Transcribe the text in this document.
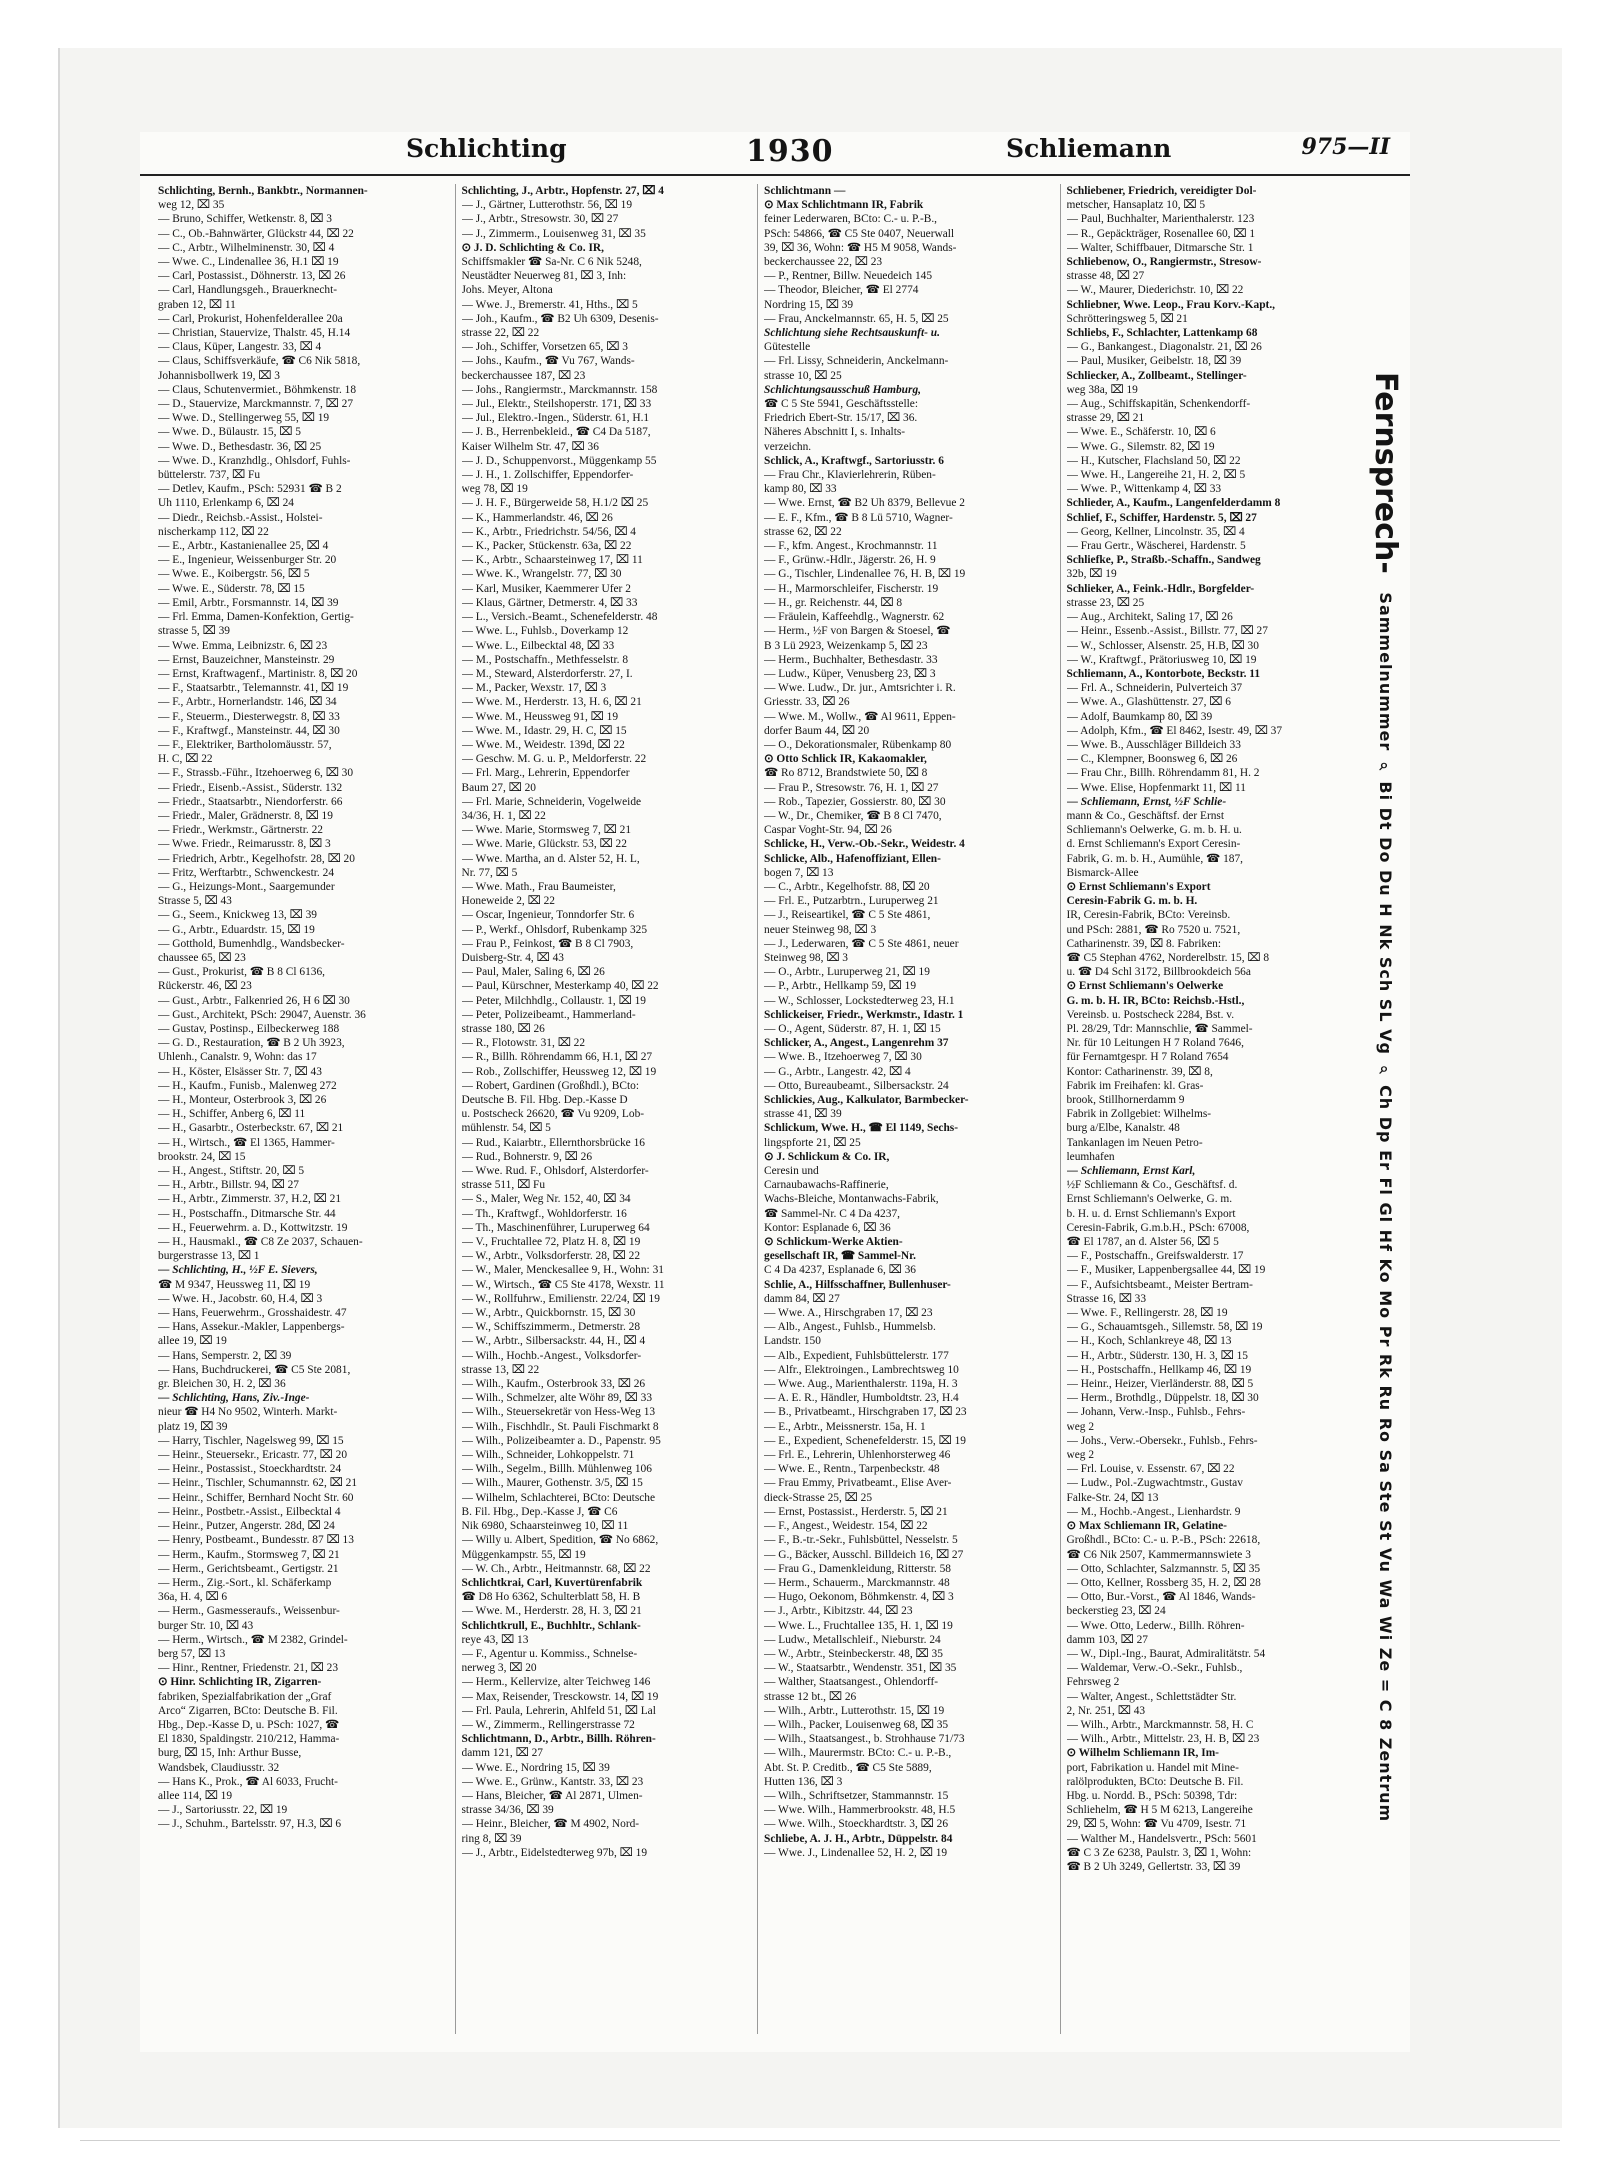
Schlichting	1930	Schliemann	975—II
Schlichting, Bernh., Bankbtr., Normannen-
weg 12, ⌧ 35
— Bruno, Schiffer, Wetkenstr. 8, ⌧ 3
— C., Ob.-Bahnwärter, Glückstr 44, ⌧ 22
— C., Arbtr., Wilhelminenstr. 30, ⌧ 4
— Wwe. C., Lindenallee 36, H.1 ⌧ 19
— Carl, Postassist., Döhnerstr. 13, ⌧ 26
— Carl, Handlungsgeh., Brauerknecht-
graben 12, ⌧ 11
— Carl, Prokurist, Hohenfelderallee 20a
— Christian, Stauervize, Thalstr. 45, H.14
— Claus, Küper, Langestr. 33, ⌧ 4
— Claus, Schiffsverkäufe, ☎ C6 Nik 5818,
Johannisbollwerk 19, ⌧ 3
— Claus, Schutenvermiet., Böhmkenstr. 18
— D., Stauervize, Marckmannstr. 7, ⌧ 27
— Wwe. D., Stellingerweg 55, ⌧ 19
— Wwe. D., Bülaustr. 15, ⌧ 5
— Wwe. D., Bethesdastr. 36, ⌧ 25
— Wwe. D., Kranzhdlg., Ohlsdorf, Fuhls-
büttelerstr. 737, ⌧ Fu
— Detlev, Kaufm., PSch: 52931 ☎ B 2
Uh 1110, Erlenkamp 6, ⌧ 24
— Diedr., Reichsb.-Assist., Holstei-
nischerkamp 112, ⌧ 22
— E., Arbtr., Kastanienallee 25, ⌧ 4
— E., Ingenieur, Weissenburger Str. 20
— Wwe. E., Koibergstr. 56, ⌧ 5
— Wwe. E., Süderstr. 78, ⌧ 15
— Emil, Arbtr., Forsmannstr. 14, ⌧ 39
— Frl. Emma, Damen-Konfektion, Gertig-
strasse 5, ⌧ 39
— Wwe. Emma, Leibnizstr. 6, ⌧ 23
— Ernst, Bauzeichner, Mansteinstr. 29
— Ernst, Kraftwagenf., Martinistr. 8, ⌧ 20
— F., Staatsarbtr., Telemannstr. 41, ⌧ 19
— F., Arbtr., Hornerlandstr. 146, ⌧ 34
— F., Steuerm., Diesterwegstr. 8, ⌧ 33
— F., Kraftwgf., Mansteinstr. 44, ⌧ 30
— F., Elektriker, Bartholomäusstr. 57,
H. C, ⌧ 22
— F., Strassb.-Führ., Itzehoerweg 6, ⌧ 30
— Friedr., Eisenb.-Assist., Süderstr. 132
— Friedr., Staatsarbtr., Niendorferstr. 66
— Friedr., Maler, Grädnerstr. 8, ⌧ 19
— Friedr., Werkmstr., Gärtnerstr. 22
— Wwe. Friedr., Reimarusstr. 8, ⌧ 3
— Friedrich, Arbtr., Kegelhofstr. 28, ⌧ 20
— Fritz, Werftarbtr., Schwenckestr. 24
— G., Heizungs-Mont., Saargemunder
Strasse 5, ⌧ 43
— G., Seem., Knickweg 13, ⌧ 39
— G., Arbtr., Eduardstr. 15, ⌧ 19
— Gotthold, Bumenhdlg., Wandsbecker-
chaussee 65, ⌧ 23
— Gust., Prokurist, ☎ B 8 Cl 6136,
Rückerstr. 46, ⌧ 23
— Gust., Arbtr., Falkenried 26, H 6 ⌧ 30
— Gust., Architekt, PSch: 29047, Auenstr. 36
— Gustav, Postinsp., Eilbeckerweg 188
— G. D., Restauration, ☎ B 2 Uh 3923,
Uhlenh., Canalstr. 9, Wohn: das 17
— H., Köster, Elsässer Str. 7, ⌧ 43
— H., Kaufm., Funisb., Malenweg 272
— H., Monteur, Osterbrook 3, ⌧ 26
— H., Schiffer, Anberg 6, ⌧ 11
— H., Gasarbtr., Osterbeckstr. 67, ⌧ 21
— H., Wirtsch., ☎ El 1365, Hammer-
brookstr. 24, ⌧ 15
— H., Angest., Stiftstr. 20, ⌧ 5
— H., Arbtr., Billstr. 94, ⌧ 27
— H., Arbtr., Zimmerstr. 37, H.2, ⌧ 21
— H., Postschaffn., Ditmarsche Str. 44
— H., Feuerwehrm. a. D., Kottwitzstr. 19
— H., Hausmakl., ☎ C8 Ze 2037, Schauen-
burgerstrasse 13, ⌧ 1
— Schlichting, H., ½F E. Sievers,
☎ M 9347, Heussweg 11, ⌧ 19
— Wwe. H., Jacobstr. 60, H.4, ⌧ 3
— Hans, Feuerwehrm., Grosshaidestr. 47
— Hans, Assekur.-Makler, Lappenbergs-
allee 19, ⌧ 19
— Hans, Semperstr. 2, ⌧ 39
— Hans, Buchdruckerei, ☎ C5 Ste 2081,
gr. Bleichen 30, H. 2, ⌧ 36
— Schlichting, Hans, Ziv.-Inge-
nieur ☎ H4 No 9502, Winterh. Markt-
platz 19, ⌧ 39
— Harry, Tischler, Nagelsweg 99, ⌧ 15
— Heinr., Steuersekr., Ericastr. 77, ⌧ 20
— Heinr., Postassist., Stoeckhardtstr. 24
— Heinr., Tischler, Schumannstr. 62, ⌧ 21
— Heinr., Schiffer, Bernhard Nocht Str. 60
— Heinr., Postbetr.-Assist., Eilbecktal 4
— Heinr., Putzer, Angerstr. 28d, ⌧ 24
— Henry, Postbeamt., Bundesstr. 87 ⌧ 13
— Herm., Kaufm., Stormsweg 7, ⌧ 21
— Herm., Gerichtsbeamt., Gertigstr. 21
— Herm., Zig.-Sort., kl. Schäferkamp
36a, H. 4, ⌧ 6
— Herm., Gasmesseraufs., Weissenbur-
burger Str. 10, ⌧ 43
— Herm., Wirtsch., ☎ M 2382, Grindel-
berg 57, ⌧ 13
— Hinr., Rentner, Friedenstr. 21, ⌧ 23
⊙ Hinr. Schlichting IR, Zigarren-
fabriken, Spezialfabrikation der „Graf
Arco“ Zigarren, BCto: Deutsche B. Fil.
Hbg., Dep.-Kasse D, u. PSch: 1027, ☎
El 1830, Spaldingstr. 210/212, Hamma-
burg, ⌧ 15, Inh: Arthur Busse,
Wandsbek, Claudiusstr. 32
— Hans K., Prok., ☎ Al 6033, Frucht-
allee 114, ⌧ 19
— J., Sartoriusstr. 22, ⌧ 19
— J., Schuhm., Bartelsstr. 97, H.3, ⌧ 6
Schlichting, J., Arbtr., Hopfenstr. 27, ⌧ 4
— J., Gärtner, Lutterothstr. 56, ⌧ 19
— J., Arbtr., Stresowstr. 30, ⌧ 27
— J., Zimmerm., Louisenweg 31, ⌧ 35
⊙ J. D. Schlichting & Co. IR,
Schiffsmakler ☎ Sa-Nr. C 6 Nik 5248,
Neustädter Neuerweg 81, ⌧ 3, Inh:
Johs. Meyer, Altona
— Wwe. J., Bremerstr. 41, Hths., ⌧ 5
— Joh., Kaufm., ☎ B2 Uh 6309, Desenis-
strasse 22, ⌧ 22
— Joh., Schiffer, Vorsetzen 65, ⌧ 3
— Johs., Kaufm., ☎ Vu 767, Wands-
beckerchaussee 187, ⌧ 23
— Johs., Rangiermstr., Marckmannstr. 158
— Jul., Elektr., Steilshoperstr. 171, ⌧ 33
— Jul., Elektro.-Ingen., Süderstr. 61, H.1
— J. B., Herrenbekleid., ☎ C4 Da 5187,
Kaiser Wilhelm Str. 47, ⌧ 36
— J. D., Schuppenvorst., Müggenkamp 55
— J. H., 1. Zollschiffer, Eppendorfer-
weg 78, ⌧ 19
— J. H. F., Bürgerweide 58, H.1/2 ⌧ 25
— K., Hammerlandstr. 46, ⌧ 26
— K., Arbtr., Friedrichstr. 54/56, ⌧ 4
— K., Packer, Stückenstr. 63a, ⌧ 22
— K., Arbtr., Schaarsteinweg 17, ⌧ 11
— Wwe. K., Wrangelstr. 77, ⌧ 30
— Karl, Musiker, Kaemmerer Ufer 2
— Klaus, Gärtner, Detmerstr. 4, ⌧ 33
— L., Versich.-Beamt., Schenefelderstr. 48
— Wwe. L., Fuhlsb., Doverkamp 12
— Wwe. L., Eilbecktal 48, ⌧ 33
— M., Postschaffn., Methfesselstr. 8
— M., Steward, Alsterdorferstr. 27, I.
— M., Packer, Wexstr. 17, ⌧ 3
— Wwe. M., Herderstr. 13, H. 6, ⌧ 21
— Wwe. M., Heussweg 91, ⌧ 19
— Wwe. M., Idastr. 29, H. C, ⌧ 15
— Wwe. M., Weidestr. 139d, ⌧ 22
— Geschw. M. G. u. P., Meldorferstr. 22
— Frl. Marg., Lehrerin, Eppendorfer
Baum 27, ⌧ 20
— Frl. Marie, Schneiderin, Vogelweide
34/36, H. 1, ⌧ 22
— Wwe. Marie, Stormsweg 7, ⌧ 21
— Wwe. Marie, Glückstr. 53, ⌧ 22
— Wwe. Martha, an d. Alster 52, H. L,
Nr. 77, ⌧ 5
— Wwe. Math., Frau Baumeister,
Honeweide 2, ⌧ 22
— Oscar, Ingenieur, Tonndorfer Str. 6
— P., Werkf., Ohlsdorf, Rubenkamp 325
— Frau P., Feinkost, ☎ B 8 Cl 7903,
Duisberg-Str. 4, ⌧ 43
— Paul, Maler, Saling 6, ⌧ 26
— Paul, Kürschner, Mesterkamp 40, ⌧ 22
— Peter, Milchhdlg., Collaustr. 1, ⌧ 19
— Peter, Polizeibeamt., Hammerland-
strasse 180, ⌧ 26
— R., Flotowstr. 31, ⌧ 22
— R., Billh. Röhrendamm 66, H.1, ⌧ 27
— Rob., Zollschiffer, Heussweg 12, ⌧ 19
— Robert, Gardinen (Großhdl.), BCto:
Deutsche B. Fil. Hbg. Dep.-Kasse D
u. Postscheck 26620, ☎ Vu 9209, Lob-
mühlenstr. 54, ⌧ 5
— Rud., Kaiarbtr., Ellernthorsbrücke 16
— Rud., Bohnerstr. 9, ⌧ 26
— Wwe. Rud. F., Ohlsdorf, Alsterdorfer-
strasse 511, ⌧ Fu
— S., Maler, Weg Nr. 152, 40, ⌧ 34
— Th., Kraftwgf., Wohldorferstr. 16
— Th., Maschinenführer, Luruperweg 64
— V., Fruchtallee 72, Platz H. 8, ⌧ 19
— W., Arbtr., Volksdorferstr. 28, ⌧ 22
— W., Maler, Menckesallee 9, H., Wohn: 31
— W., Wirtsch., ☎ C5 Ste 4178, Wexstr. 11
— W., Rollfuhrw., Emilienstr. 22/24, ⌧ 19
— W., Arbtr., Quickbornstr. 15, ⌧ 30
— W., Schiffszimmerm., Detmerstr. 28
— W., Arbtr., Silbersackstr. 44, H., ⌧ 4
— Wilh., Hochb.-Angest., Volksdorfer-
strasse 13, ⌧ 22
— Wilh., Kaufm., Osterbrook 33, ⌧ 26
— Wilh., Schmelzer, alte Wöhr 89, ⌧ 33
— Wilh., Steuersekretär von Hess-Weg 13
— Wilh., Fischhdlr., St. Pauli Fischmarkt 8
— Wilh., Polizeibeamter a. D., Papenstr. 95
— Wilh., Schneider, Lohkoppelstr. 71
— Wilh., Segelm., Billh. Mühlenweg 106
— Wilh., Maurer, Gothenstr. 3/5, ⌧ 15
— Wilhelm, Schlachterei, BCto: Deutsche
B. Fil. Hbg., Dep.-Kasse J, ☎ C6
Nik 6980, Schaarsteinweg 10, ⌧ 11
— Willy u. Albert, Spedition, ☎ No 6862,
Müggenkampstr. 55, ⌧ 19
— W. Ch., Arbtr., Heitmannstr. 68, ⌧ 22
Schlichtkrai, Carl, Kuvertürenfabrik
☎ D8 Ho 6362, Schulterblatt 58, H. B
— Wwe. M., Herderstr. 28, H. 3, ⌧ 21
Schlichtkrull, E., Buchhltr., Schlank-
reye 43, ⌧ 13
— F., Agentur u. Kommiss., Schnelse-
nerweg 3, ⌧ 20
— Herm., Kellervize, alter Teichweg 146
— Max, Reisender, Tresckowstr. 14, ⌧ 19
— Frl. Paula, Lehrerin, Ahlfeld 51, ⌧ Lal
— W., Zimmerm., Rellingerstrasse 72
Schlichtmann, D., Arbtr., Billh. Röhren-
damm 121, ⌧ 27
— Wwe. E., Nordring 15, ⌧ 39
— Wwe. E., Grünw., Kantstr. 33, ⌧ 23
— Hans, Bleicher, ☎ Al 2871, Ulmen-
strasse 34/36, ⌧ 39
— Heinr., Bleicher, ☎ M 4902, Nord-
ring 8, ⌧ 39
— J., Arbtr., Eidelstedterweg 97b, ⌧ 19
Schlichtmann —
⊙ Max Schlichtmann IR, Fabrik
feiner Lederwaren, BCto: C.- u. P.-B.,
PSch: 54866, ☎ C5 Ste 0407, Neuerwall
39, ⌧ 36, Wohn: ☎ H5 M 9058, Wands-
beckerchaussee 22, ⌧ 23
— P., Rentner, Billw. Neuedeich 145
— Theodor, Bleicher, ☎ El 2774
Nordring 15, ⌧ 39
— Frau, Anckelmannstr. 65, H. 5, ⌧ 25
Schlichtung siehe Rechtsauskunft- u.
Gütestelle
— Frl. Lissy, Schneiderin, Anckelmann-
strasse 10, ⌧ 25
Schlichtungsausschuß Hamburg,
☎ C 5 Ste 5941, Geschäftsstelle:
Friedrich Ebert-Str. 15/17, ⌧ 36.
Näheres Abschnitt I, s. Inhalts-
verzeichn.
Schlick, A., Kraftwgf., Sartoriusstr. 6
— Frau Chr., Klavierlehrerin, Rüben-
kamp 80, ⌧ 33
— Wwe. Ernst, ☎ B2 Uh 8379, Bellevue 2
— E. F., Kfm., ☎ B 8 Lü 5710, Wagner-
strasse 62, ⌧ 22
— F., kfm. Angest., Krochmannstr. 11
— F., Grünw.-Hdlr., Jägerstr. 26, H. 9
— G., Tischler, Lindenallee 76, H. B, ⌧ 19
— H., Marmorschleifer, Fischerstr. 19
— H., gr. Reichenstr. 44, ⌧ 8
— Fräulein, Kaffeehdlg., Wagnerstr. 62
— Herm., ½F von Bargen & Stoesel, ☎
B 3 Lü 2923, Weizenkamp 5, ⌧ 23
— Herm., Buchhalter, Bethesdastr. 33
— Ludw., Küper, Venusberg 23, ⌧ 3
— Wwe. Ludw., Dr. jur., Amtsrichter i. R.
Griesstr. 33, ⌧ 26
— Wwe. M., Wollw., ☎ Al 9611, Eppen-
dorfer Baum 44, ⌧ 20
— O., Dekorationsmaler, Rübenkamp 80
⊙ Otto Schlick IR, Kakaomakler,
☎ Ro 8712, Brandstwiete 50, ⌧ 8
— Frau P., Stresowstr. 76, H. 1, ⌧ 27
— Rob., Tapezier, Gossierstr. 80, ⌧ 30
— W., Dr., Chemiker, ☎ B 8 Cl 7470,
Caspar Voght-Str. 94, ⌧ 26
Schlicke, H., Verw.-Ob.-Sekr., Weidestr. 4
Schlicke, Alb., Hafenoffiziant, Ellen-
bogen 7, ⌧ 13
— C., Arbtr., Kegelhofstr. 88, ⌧ 20
— Frl. E., Putzarbtrn., Luruperweg 21
— J., Reiseartikel, ☎ C 5 Ste 4861,
neuer Steinweg 98, ⌧ 3
— J., Lederwaren, ☎ C 5 Ste 4861, neuer
Steinweg 98, ⌧ 3
— O., Arbtr., Luruperweg 21, ⌧ 19
— P., Arbtr., Hellkamp 59, ⌧ 19
— W., Schlosser, Lockstedterweg 23, H.1
Schlickeiser, Friedr., Werkmstr., Idastr. 1
— O., Agent, Süderstr. 87, H. 1, ⌧ 15
Schlicker, A., Angest., Langenrehm 37
— Wwe. B., Itzehoerweg 7, ⌧ 30
— G., Arbtr., Langestr. 42, ⌧ 4
— Otto, Bureaubeamt., Silbersackstr. 24
Schlickies, Aug., Kalkulator, Barmbecker-
strasse 41, ⌧ 39
Schlickum, Wwe. H., ☎ El 1149, Sechs-
lingspforte 21, ⌧ 25
⊙ J. Schlickum & Co. IR,
Ceresin und
Carnaubawachs-Raffinerie,
Wachs-Bleiche, Montanwachs-Fabrik,
☎ Sammel-Nr. C 4 Da 4237,
Kontor: Esplanade 6, ⌧ 36
⊙ Schlickum-Werke Aktien-
gesellschaft IR, ☎ Sammel-Nr.
C 4 Da 4237, Esplanade 6, ⌧ 36
Schlie, A., Hilfsschaffner, Bullenhuser-
damm 84, ⌧ 27
— Wwe. A., Hirschgraben 17, ⌧ 23
— Alb., Angest., Fuhlsb., Hummelsb.
Landstr. 150
— Alb., Expedient, Fuhlsbüttelerstr. 177
— Alfr., Elektroingen., Lambrechtsweg 10
— Wwe. Aug., Marienthalerstr. 119a, H. 3
— A. E. R., Händler, Humboldtstr. 23, H.4
— B., Privatbeamt., Hirschgraben 17, ⌧ 23
— E., Arbtr., Meissnerstr. 15a, H. 1
— E., Expedient, Schenefelderstr. 15, ⌧ 19
— Frl. E., Lehrerin, Uhlenhorsterweg 46
— Wwe. E., Rentn., Tarpenbeckstr. 48
— Frau Emmy, Privatbeamt., Elise Aver-
dieck-Strasse 25, ⌧ 25
— Ernst, Postassist., Herderstr. 5, ⌧ 21
— F., Angest., Weidestr. 154, ⌧ 22
— F., B.-tr.-Sekr., Fuhlsbüttel, Nesselstr. 5
— G., Bäcker, Ausschl. Billdeich 16, ⌧ 27
— Frau G., Damenkleidung, Ritterstr. 58
— Herm., Schauerm., Marckmannstr. 48
— Hugo, Oekonom, Böhmkenstr. 4, ⌧ 3
— J., Arbtr., Kibitzstr. 44, ⌧ 23
— Wwe. L., Fruchtallee 135, H. 1, ⌧ 19
— Ludw., Metallschleif., Nieburstr. 24
— W., Arbtr., Steinbeckerstr. 48, ⌧ 35
— W., Staatsarbtr., Wendenstr. 351, ⌧ 35
— Walther, Staatsangest., Ohlendorff-
strasse 12 bt., ⌧ 26
— Wilh., Arbtr., Lutterothstr. 15, ⌧ 19
— Wilh., Packer, Louisenweg 68, ⌧ 35
— Wilh., Staatsangest., b. Strohhause 71/73
— Wilh., Maurermstr. BCto: C.- u. P.-B.,
Abt. St. P. Creditb., ☎ C5 Ste 5889,
Hutten 136, ⌧ 3
— Wilh., Schriftsetzer, Stammannstr. 15
— Wwe. Wilh., Hammerbrookstr. 48, H.5
— Wwe. Wilh., Stoeckhardtstr. 3, ⌧ 26
Schliebe, A. J. H., Arbtr., Düppelstr. 84
— Wwe. J., Lindenallee 52, H. 2, ⌧ 19
Schliebener, Friedrich, vereidigter Dol-
metscher, Hansaplatz 10, ⌧ 5
— Paul, Buchhalter, Marienthalerstr. 123
— R., Gepäckträger, Rosenallee 60, ⌧ 1
— Walter, Schiffbauer, Ditmarsche Str. 1
Schliebenow, O., Rangiermstr., Stresow-
strasse 48, ⌧ 27
— W., Maurer, Diederichstr. 10, ⌧ 22
Schliebner, Wwe. Leop., Frau Korv.-Kapt.,
Schrötteringsweg 5, ⌧ 21
Schliebs, F., Schlachter, Lattenkamp 68
— G., Bankangest., Diagonalstr. 21, ⌧ 26
— Paul, Musiker, Geibelstr. 18, ⌧ 39
Schliecker, A., Zollbeamt., Stellinger-
weg 38a, ⌧ 19
— Aug., Schiffskapitän, Schenkendorff-
strasse 29, ⌧ 21
— Wwe. E., Schäferstr. 10, ⌧ 6
— Wwe. G., Silemstr. 82, ⌧ 19
— H., Kutscher, Flachsland 50, ⌧ 22
— Wwe. H., Langereihe 21, H. 2, ⌧ 5
— Wwe. P., Wittenkamp 4, ⌧ 33
Schlieder, A., Kaufm., Langenfelderdamm 8
Schlief, F., Schiffer, Hardenstr. 5, ⌧ 27
— Georg, Kellner, Lincolnstr. 35, ⌧ 4
— Frau Gertr., Wäscherei, Hardenstr. 5
Schliefke, P., Straßb.-Schaffn., Sandweg
32b, ⌧ 19
Schlieker, A., Feink.-Hdlr., Borgfelder-
strasse 23, ⌧ 25
— Aug., Architekt, Saling 17, ⌧ 26
— Heinr., Essenb.-Assist., Billstr. 77, ⌧ 27
— W., Schlosser, Alsenstr. 25, H.B, ⌧ 30
— W., Kraftwgf., Prätoriusweg 10, ⌧ 19
Schliemann, A., Kontorbote, Beckstr. 11
— Frl. A., Schneiderin, Pulverteich 37
— Wwe. A., Glashüttenstr. 27, ⌧ 6
— Adolf, Baumkamp 80, ⌧ 39
— Adolph, Kfm., ☎ El 8462, Isestr. 49, ⌧ 37
— Wwe. B., Ausschläger Billdeich 33
— C., Klempner, Boonsweg 6, ⌧ 26
— Frau Chr., Billh. Röhrendamm 81, H. 2
— Wwe. Elise, Hopfenmarkt 11, ⌧ 11
— Schliemann, Ernst, ½F Schlie-
mann & Co., Geschäftsf. der Ernst
Schliemann's Oelwerke, G. m. b. H. u.
d. Ernst Schliemann's Export Ceresin-
Fabrik, G. m. b. H., Aumühle, ☎ 187,
Bismarck-Allee
⊙ Ernst Schliemann's Export
Ceresin-Fabrik G. m. b. H.
IR, Ceresin-Fabrik, BCto: Vereinsb.
und PSch: 2881, ☎ Ro 7520 u. 7521,
Catharinenstr. 39, ⌧ 8. Fabriken:
☎ C5 Stephan 4762, Norderelbstr. 15, ⌧ 8
u. ☎ D4 Schl 3172, Billbrookdeich 56a
⊙ Ernst Schliemann's Oelwerke
G. m. b. H. IR, BCto: Reichsb.-Hstl.,
Vereinsb. u. Postscheck 2284, Bst. v.
Pl. 28/29, Tdr: Mannschlie, ☎ Sammel-
Nr. für 10 Leitungen H 7 Roland 7646,
für Fernamtgespr. H 7 Roland 7654
Kontor: Catharinenstr. 39, ⌧ 8,
Fabrik im Freihafen: kl. Gras-
brook, Stillhornerdamm 9
Fabrik in Zollgebiet: Wilhelms-
burg a/Elbe, Kanalstr. 48
Tankanlagen im Neuen Petro-
leumhafen
— Schliemann, Ernst Karl,
½F Schliemann & Co., Geschäftsf. d.
Ernst Schliemann's Oelwerke, G. m.
b. H. u. d. Ernst Schliemann's Export
Ceresin-Fabrik, G.m.b.H., PSch: 67008,
☎ El 1787, an d. Alster 56, ⌧ 5
— F., Postschaffn., Greifswalderstr. 17
— F., Musiker, Lappenbergsallee 44, ⌧ 19
— F., Aufsichtsbeamt., Meister Bertram-
Strasse 16, ⌧ 33
— Wwe. F., Rellingerstr. 28, ⌧ 19
— G., Schauamtsgeh., Sillemstr. 58, ⌧ 19
— H., Koch, Schlankreye 48, ⌧ 13
— H., Arbtr., Süderstr. 130, H. 3, ⌧ 15
— H., Postschaffn., Hellkamp 46, ⌧ 19
— Heinr., Heizer, Vierländerstr. 88, ⌧ 5
— Herm., Brothdlg., Düppelstr. 18, ⌧ 30
— Johann, Verw.-Insp., Fuhlsb., Fehrs-
weg 2
— Johs., Verw.-Obersekr., Fuhlsb., Fehrs-
weg 2
— Frl. Louise, v. Essenstr. 67, ⌧ 22
— Ludw., Pol.-Zugwachtmstr., Gustav
Falke-Str. 24, ⌧ 13
— M., Hochb.-Angest., Lienhardstr. 9
⊙ Max Schliemann IR, Gelatine-
Großhdl., BCto: C.- u. P.-B., PSch: 22618,
☎ C6 Nik 2507, Kammermannswiete 3
— Otto, Schlachter, Salzmannstr. 5, ⌧ 35
— Otto, Kellner, Rossberg 35, H. 2, ⌧ 28
— Otto, Bur.-Vorst., ☎ Al 1846, Wands-
beckerstieg 23, ⌧ 24
— Wwe. Otto, Lederw., Billh. Röhren-
damm 103, ⌧ 27
— W., Dipl.-Ing., Baurat, Admiralitätstr. 54
— Waldemar, Verw.-O.-Sekr., Fuhlsb.,
Fehrsweg 2
— Walter, Angest., Schlettstädter Str.
2, Nr. 251, ⌧ 43
— Wilh., Arbtr., Marckmannstr. 58, H. C
— Wilh., Arbtr., Mittelstr. 23, H. B, ⌧ 23
⊙ Wilhelm Schliemann IR, Im-
port, Fabrikation u. Handel mit Mine-
ralölprodukten, BCto: Deutsche B. Fil.
Hbg. u. Nordd. B., PSch: 50398, Tdr:
Schliehelm, ☎ H 5 M 6213, Langereihe
29, ⌧ 5, Wohn: ☎ Vu 4709, Isestr. 71
— Walther M., Handelsvertr., PSch: 5601
☎ C 3 Ze 6238, Paulstr. 3, ⌧ 1, Wohn:
☎ B 2 Uh 3249, Gellertstr. 33, ⌧ 39
Fernsprech- Sammelnummer ⌕ Bi Dt Do Du H Nk Sch SL Vg ⌕ Ch Dp Er Fl Gl Hf Ko Mo Pr Rk Ru Ro Sa Ste St Vu Wa Wi Ze = C 8 Zentrum
